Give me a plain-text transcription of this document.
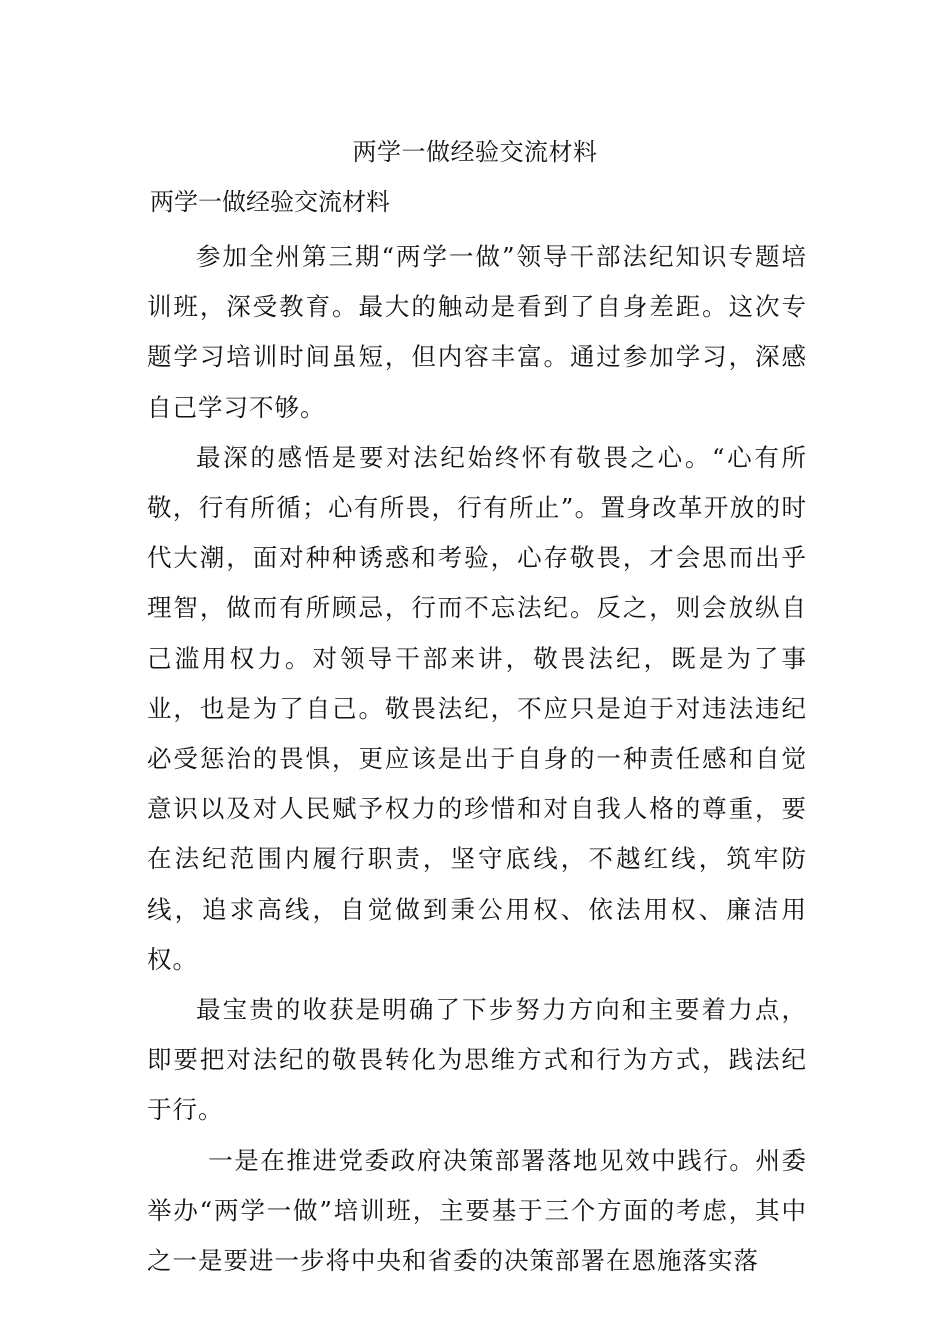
两学一做经验交流材料
两学一做经验交流材料

参加全州第三期“两学一做”领导干部法纪知识专题培训班，深受教育。最大的触动是看到了自身差距。这次专题学习培训时间虽短，但内容丰富。通过参加学习，深感自己学习不够。

最深的感悟是要对法纪始终怀有敬畏之心。“心有所敬，行有所循；心有所畏，行有所止”。置身改革开放的时代大潮，面对种种诱惑和考验，心存敬畏，才会思而出乎理智，做而有所顾忌，行而不忘法纪。反之，则会放纵自己滥用权力。对领导干部来讲，敬畏法纪，既是为了事业，也是为了自己。敬畏法纪，不应只是迫于对违法违纪必受惩治的畏惧，更应该是出于自身的一种责任感和自觉意识以及对人民赋予权力的珍惜和对自我人格的尊重，要在法纪范围内履行职责，坚守底线，不越红线，筑牢防线，追求高线，自觉做到秉公用权、依法用权、廉洁用权。

最宝贵的收获是明确了下步努力方向和主要着力点，即要把对法纪的敬畏转化为思维方式和行为方式，践法纪于行。

一是在推进党委政府决策部署落地见效中践行。州委举办“两学一做”培训班，主要基于三个方面的考虑，其中之一是要进一步将中央和省委的决策部署在恩施落实落
